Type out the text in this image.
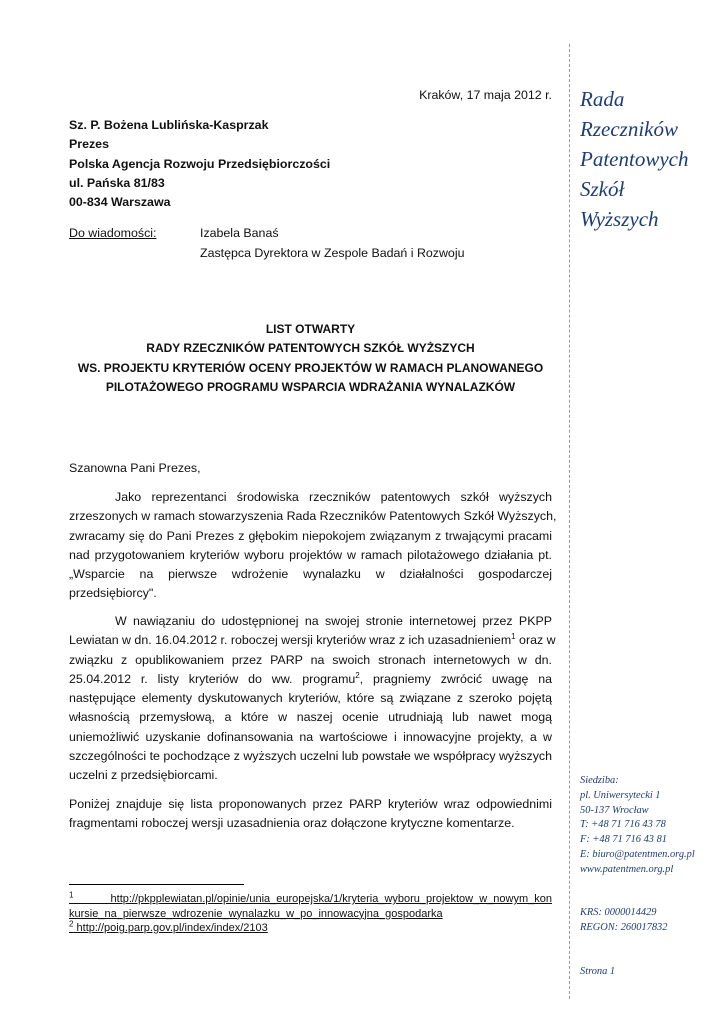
Kraków, 17 maja 2012 r.
Sz. P. Bożena Lublińska-Kasprzak
Prezes
Polska Agencja Rozwoju Przedsiębiorczości
ul. Pańska 81/83
00-834 Warszawa
Do wiadomości:	Izabela Banaś
Zastępca Dyrektora w Zespole Badań i Rozwoju
LIST OTWARTY
RADY RZECZNIKÓW PATENTOWYCH SZKÓŁ WYŻSZYCH
WS. PROJEKTU KRYTERIÓW OCENY PROJEKTÓW W RAMACH PLANOWANEGO
PILOTAŻOWEGO PROGRAMU WSPARCIA WDRAŻANIA WYNALAZKÓW
Szanowna Pani Prezes,
Jako reprezentanci środowiska rzeczników patentowych szkół wyższych
zrzeszonych w ramach stowarzyszenia Rada Rzeczników Patentowych Szkół Wyższych,
zwracamy się do Pani Prezes z głębokim niepokojem związanym z trwającymi pracami
nad przygotowaniem kryteriów wyboru projektów w ramach pilotażowego działania pt.
„Wsparcie na pierwsze wdrożenie wynalazku w działalności gospodarczej
przedsiębiorcy".
W nawiązaniu do udostępnionej na swojej stronie internetowej przez PKPP
Lewiatan w dn. 16.04.2012 r. roboczej wersji kryteriów wraz z ich uzasadnieniem$^1$ oraz w
związku z opublikowaniem przez PARP na swoich stronach internetowych w dn.
25.04.2012 r. listy kryteriów do ww. programu$^2$, pragniemy zwrócić uwagę na
następujące elementy dyskutowanych kryteriów, które są związane z szeroko pojętą
własnością przemysłową, a które w naszej ocenie utrudniają lub nawet mogą
uniemożliwić uzyskanie dofinansowania na wartościowe i innowacyjne projekty, a w
szczególności te pochodzące z wyższych uczelni lub powstałe we współpracy wyższych
uczelni z przedsiębiorcami.
Poniżej znajduje się lista proponowanych przez PARP kryteriów wraz odpowiednimi
fragmentami roboczej wersji uzasadnienia oraz dołączone krytyczne komentarze.
$^1$	http://pkpplewiatan.pl/opinie/unia_europejska/1/kryteria_wyboru_projektow_w_nowym_kon
kursie_na_pierwsze_wdrozenie_wynalazku_w_po_innowacyjna_gospodarka
$^2$ http://poig.parp.gov.pl/index/index/2103
Rada
Rzeczników
Patentowych
Szkół
Wyższych
Siedziba:
pl. Uniwersytecki 1
50-137 Wrocław
T: +48 71 716 43 78
F: +48 71 716 43 81
E: biuro@patentmen.org.pl
www.patentmen.org.pl
KRS: 0000014429
REGON: 260017832
Strona 1
